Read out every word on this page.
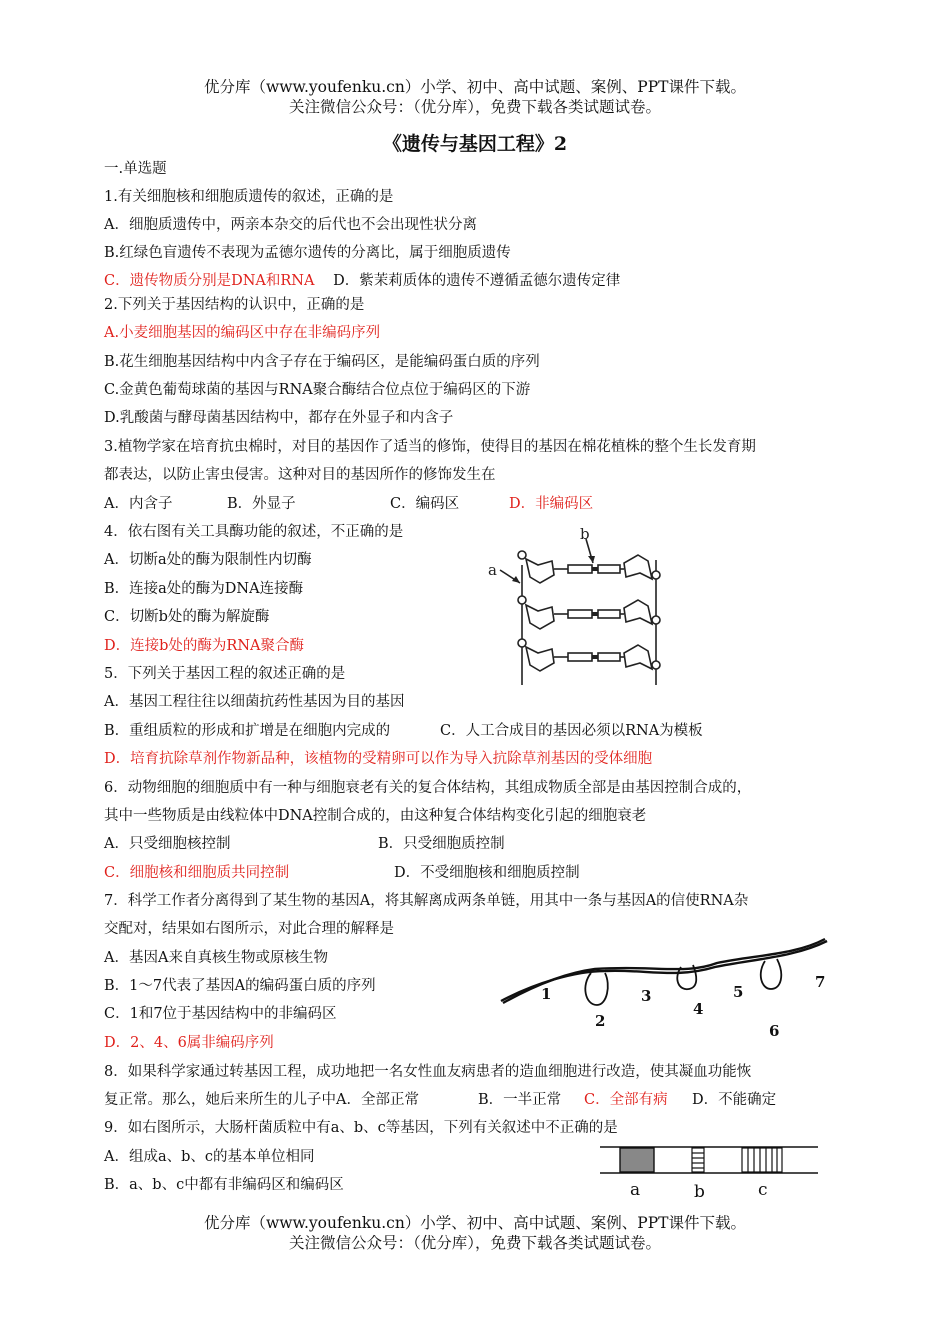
优分库（www.youfenku.cn）小学、初中、高中试题、案例、PPT课件下载。
关注微信公众号：（优分库），免费下载各类试题试卷。
《遗传与基因工程》2
一.单选题
1.有关细胞核和细胞质遗传的叙述，正确的是
A．细胞质遗传中，两亲本杂交的后代也不会出现性状分离
B.红绿色盲遗传不表现为孟德尔遗传的分离比，属于细胞质遗传
C．遗传物质分别是DNA和RNA D．紫茉莉质体的遗传不遵循孟德尔遗传定律
2.下列关于基因结构的认识中，正确的是
A.小麦细胞基因的编码区中存在非编码序列
B.花生细胞基因结构中内含子存在于编码区，是能编码蛋白质的序列
C.金黄色葡萄球菌的基因与RNA聚合酶结合位点位于编码区的下游
D.乳酸菌与酵母菌基因结构中，都存在外显子和内含子
3.植物学家在培育抗虫棉时，对目的基因作了适当的修饰，使得目的基因在棉花植株的整个生长发育期
都表达，以防止害虫侵害。这种对目的基因所作的修饰发生在
A．内含子	B．外显子	C．编码区	D．非编码区
4．依右图有关工具酶功能的叙述，不正确的是
A．切断a处的酶为限制性内切酶
B．连接a处的酶为DNA连接酶
C．切断b处的酶为解旋酶
D．连接b处的酶为RNA聚合酶
a
b
5．下列关于基因工程的叙述正确的是
A．基因工程往往以细菌抗药性基因为目的基因
B．重组质粒的形成和扩增是在细胞内完成的	C．人工合成目的基因必须以RNA为模板
D．培育抗除草剂作物新品种，该植物的受精卵可以作为导入抗除草剂基因的受体细胞
6．动物细胞的细胞质中有一种与细胞衰老有关的复合体结构，其组成物质全部是由基因控制合成的，
其中一些物质是由线粒体中DNA控制合成的，由这种复合体结构变化引起的细胞衰老
A．只受细胞核控制	B．只受细胞质控制
C．细胞核和细胞质共同控制	D．不受细胞核和细胞质控制
7．科学工作者分离得到了某生物的基因A，将其解离成两条单链，用其中一条与基因A的信使RNA杂
交配对，结果如右图所示，对此合理的解释是
A．基因A来自真核生物或原核生物
B．1～7代表了基因A的编码蛋白质的序列
C．1和7位于基因结构中的非编码区
D．2、4、6属非编码序列
1
2
3
4
5
6
7
8．如果科学家通过转基因工程，成功地把一名女性血友病患者的造血细胞进行改造，使其凝血功能恢
复正常。那么，她后来所生的儿子中A．全部正常	B．一半正常 C．全部有病 D．不能确定
9．如右图所示，大肠杆菌质粒中有a、b、c等基因，下列有关叙述中不正确的是
A．组成a、b、c的基本单位相同
B．a、b、c中都有非编码区和编码区	a	b	c
优分库（www.youfenku.cn）小学、初中、高中试题、案例、PPT课件下载。
关注微信公众号：（优分库），免费下载各类试题试卷。
